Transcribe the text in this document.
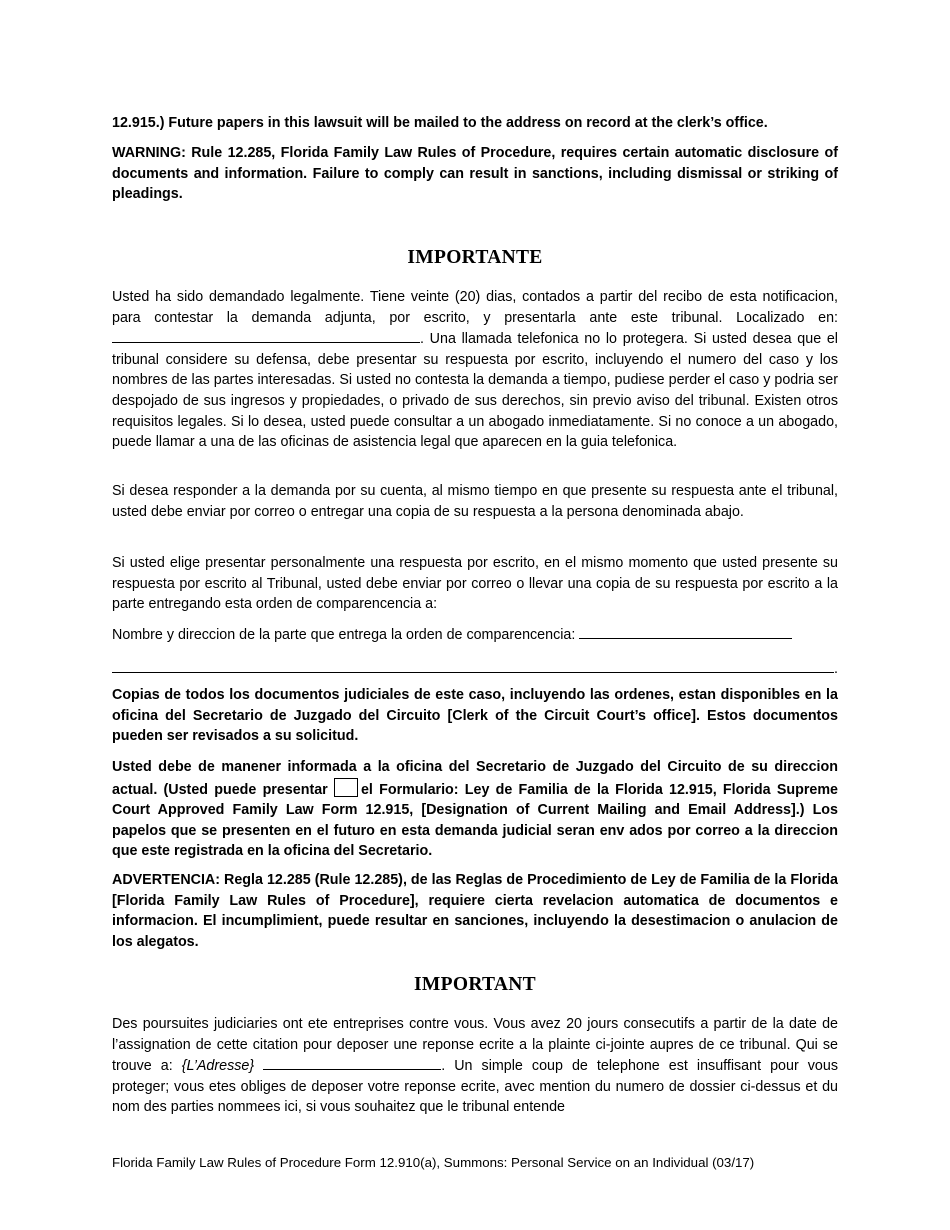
12.915.) Future papers in this lawsuit will be mailed to the address on record at the clerk’s office.

WARNING: Rule 12.285, Florida Family Law Rules of Procedure, requires certain automatic disclosure of documents and information. Failure to comply can result in sanctions, including dismissal or striking of pleadings.

IMPORTANTE

Usted ha sido demandado legalmente. Tiene veinte (20) dias, contados a partir del recibo de esta notificacion, para contestar la demanda adjunta, por escrito, y presentarla ante este tribunal. Localizado en: . Una llamada telefonica no lo protegera. Si usted desea que el tribunal considere su defensa, debe presentar su respuesta por escrito, incluyendo el numero del caso y los nombres de las partes interesadas. Si usted no contesta la demanda a tiempo, pudiese perder el caso y podria ser despojado de sus ingresos y propiedades, o privado de sus derechos, sin previo aviso del tribunal. Existen otros requisitos legales. Si lo desea, usted puede consultar a un abogado inmediatamente. Si no conoce a un abogado, puede llamar a una de las oficinas de asistencia legal que aparecen en la guia telefonica.

Si desea responder a la demanda por su cuenta, al mismo tiempo en que presente su respuesta ante el tribunal, usted debe enviar por correo o entregar una copia de su respuesta a la persona denominada abajo.

Si usted elige presentar personalmente una respuesta por escrito, en el mismo momento que usted presente su respuesta por escrito al Tribunal, usted debe enviar por correo o llevar una copia de su respuesta por escrito a la parte entregando esta orden de comparencencia a:

Nombre y direccion de la parte que entrega la orden de comparencencia:

.

Copias de todos los documentos judiciales de este caso, incluyendo las ordenes, estan disponibles en la oficina del Secretario de Juzgado del Circuito [Clerk of the Circuit Court’s office]. Estos documentos pueden ser revisados a su solicitud.

Usted debe de manener informada a la oficina del Secretario de Juzgado del Circuito de su direccion actual. (Usted puede presentar el Formulario: Ley de Familia de la Florida 12.915, Florida Supreme Court Approved Family Law Form 12.915, [Designation of Current Mailing and Email Address].) Los papelos que se presenten en el futuro en esta demanda judicial seran env ados por correo a la direccion que este registrada en la oficina del Secretario.

ADVERTENCIA: Regla 12.285 (Rule 12.285), de las Reglas de Procedimiento de Ley de Familia de la Florida [Florida Family Law Rules of Procedure], requiere cierta revelacion automatica de documentos e informacion. El incumplimient, puede resultar en sanciones, incluyendo la desestimacion o anulacion de los alegatos.

IMPORTANT

Des poursuites judiciaries ont ete entreprises contre vous. Vous avez 20 jours consecutifs a partir de la date de l’assignation de cette citation pour deposer une reponse ecrite a la plainte ci-jointe aupres de ce tribunal. Qui se trouve a: {L’Adresse}	. Un simple coup de telephone est insuffisant pour vous proteger; vous etes obliges de deposer votre reponse ecrite, avec mention du numero de dossier ci-dessus et du nom des parties nommees ici, si vous souhaitez que le tribunal entende

Florida Family Law Rules of Procedure Form 12.910(a), Summons: Personal Service on an Individual (03/17)
